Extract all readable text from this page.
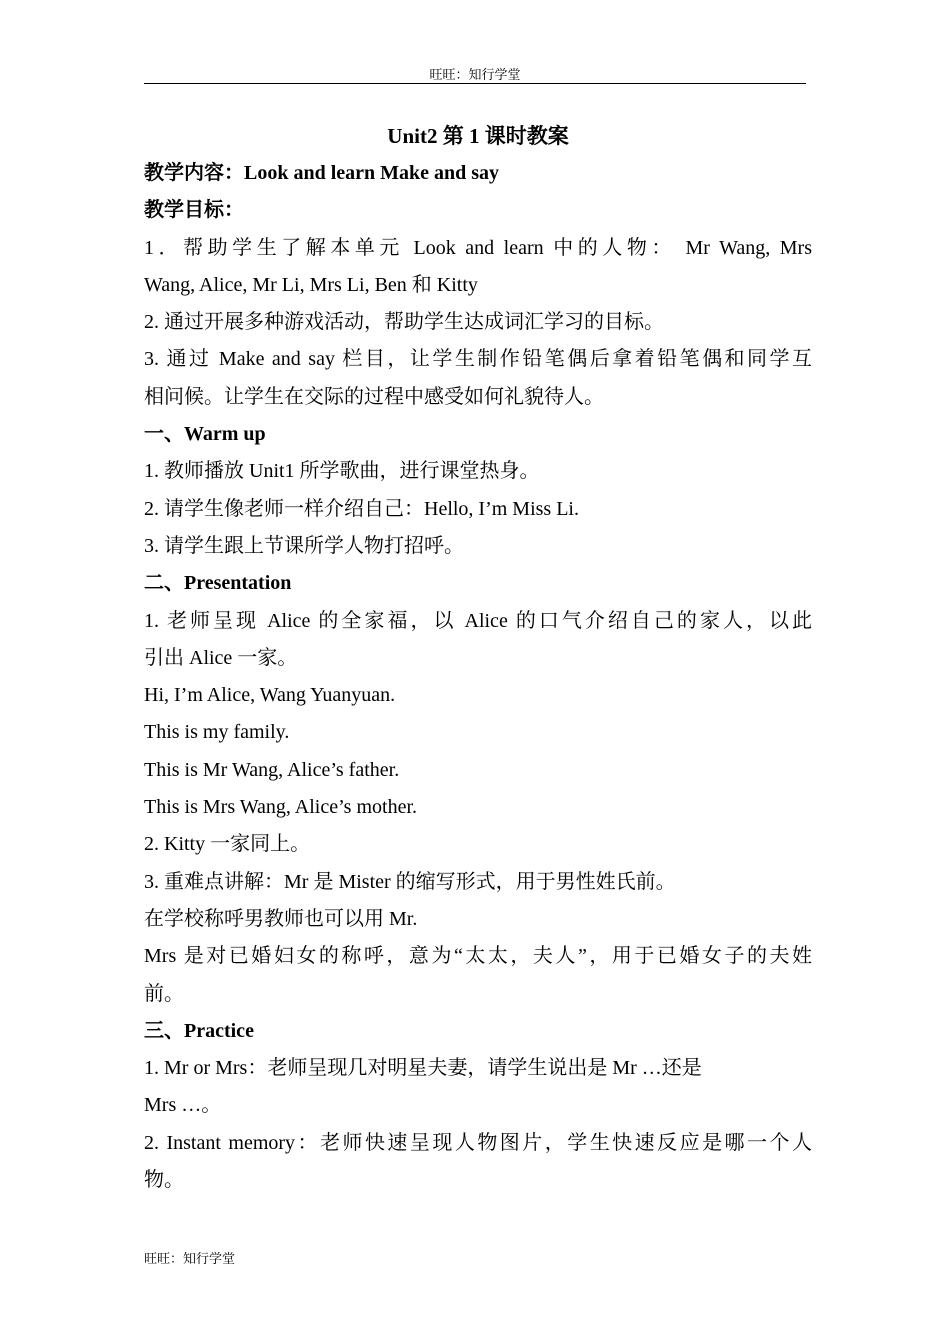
旺旺：知行学堂
Unit2 第 1 课时教案
教学内容：Look and learn Make and say
教学目标：
1．帮助学生了解本单元 Look and learn 中的人物： Mr Wang, Mrs
Wang, Alice, Mr Li, Mrs Li, Ben 和 Kitty
2. 通过开展多种游戏活动，帮助学生达成词汇学习的目标。
3. 通过 Make and say 栏目，让学生制作铅笔偶后拿着铅笔偶和同学互
相问候。让学生在交际的过程中感受如何礼貌待人。
一、Warm up
1. 教师播放 Unit1 所学歌曲，进行课堂热身。
2. 请学生像老师一样介绍自己：Hello, I’m Miss Li.
3. 请学生跟上节课所学人物打招呼。
二、Presentation
1. 老师呈现 Alice 的全家福，以 Alice 的口气介绍自己的家人，以此
引出 Alice 一家。
Hi, I’m Alice, Wang Yuanyuan.
This is my family.
This is Mr Wang, Alice’s father.
This is Mrs Wang, Alice’s mother.
2. Kitty 一家同上。
3. 重难点讲解：Mr 是 Mister 的缩写形式，用于男性姓氏前。
在学校称呼男教师也可以用 Mr.
Mrs 是对已婚妇女的称呼，意为“太太，夫人”，用于已婚女子的夫姓
前。
三、Practice
1. Mr or Mrs：老师呈现几对明星夫妻，请学生说出是 Mr …还是
Mrs …。
2. Instant memory：老师快速呈现人物图片，学生快速反应是哪一个人
物。
旺旺：知行学堂
